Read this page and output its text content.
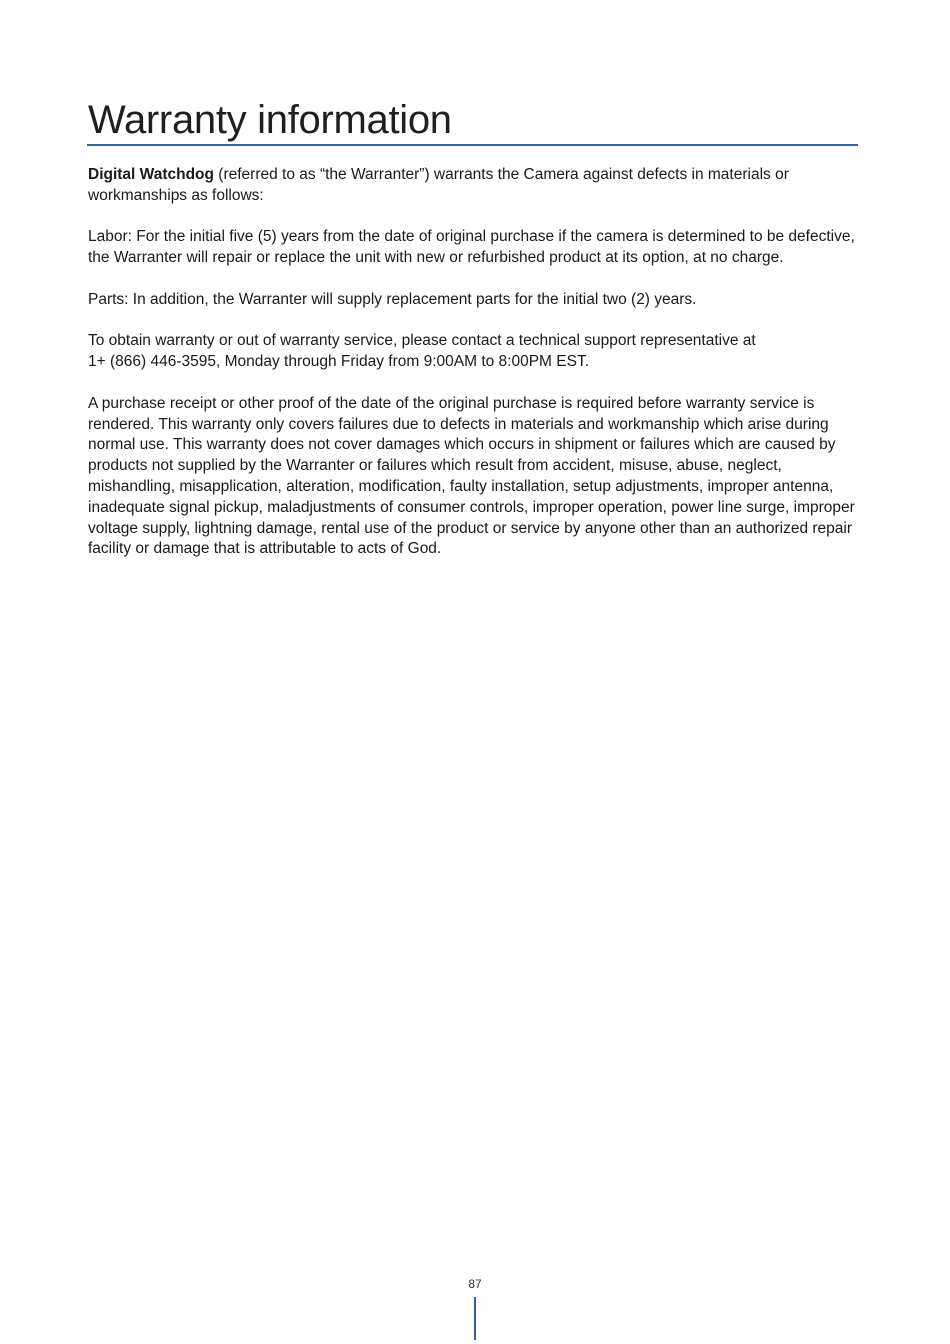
Warranty information

Digital Watchdog (referred to as “the Warranter”) warrants the Camera against defects in materials or workmanships as follows:

Labor: For the initial five (5) years from the date of original purchase if the camera is determined to be defective, the Warranter will repair or replace the unit with new or refurbished product at its option, at no charge.

Parts: In addition, the Warranter will supply replacement parts for the initial two (2) years.

To obtain warranty or out of warranty service, please contact a technical support representative at
1+ (866) 446-3595, Monday through Friday from 9:00AM to 8:00PM EST.

A purchase receipt or other proof of the date of the original purchase is required before warranty service is rendered. This warranty only covers failures due to defects in materials and workmanship which arise during normal use. This warranty does not cover damages which occurs in shipment or failures which are caused by products not supplied by the Warranter or failures which result from accident, misuse, abuse, neglect, mishandling, misapplication, alteration, modification, faulty installation, setup adjustments, improper antenna, inadequate signal pickup, maladjustments of consumer controls, improper operation, power line surge, improper voltage supply, lightning damage, rental use of the product or service by anyone other than an authorized repair facility or damage that is attributable to acts of God.

87
